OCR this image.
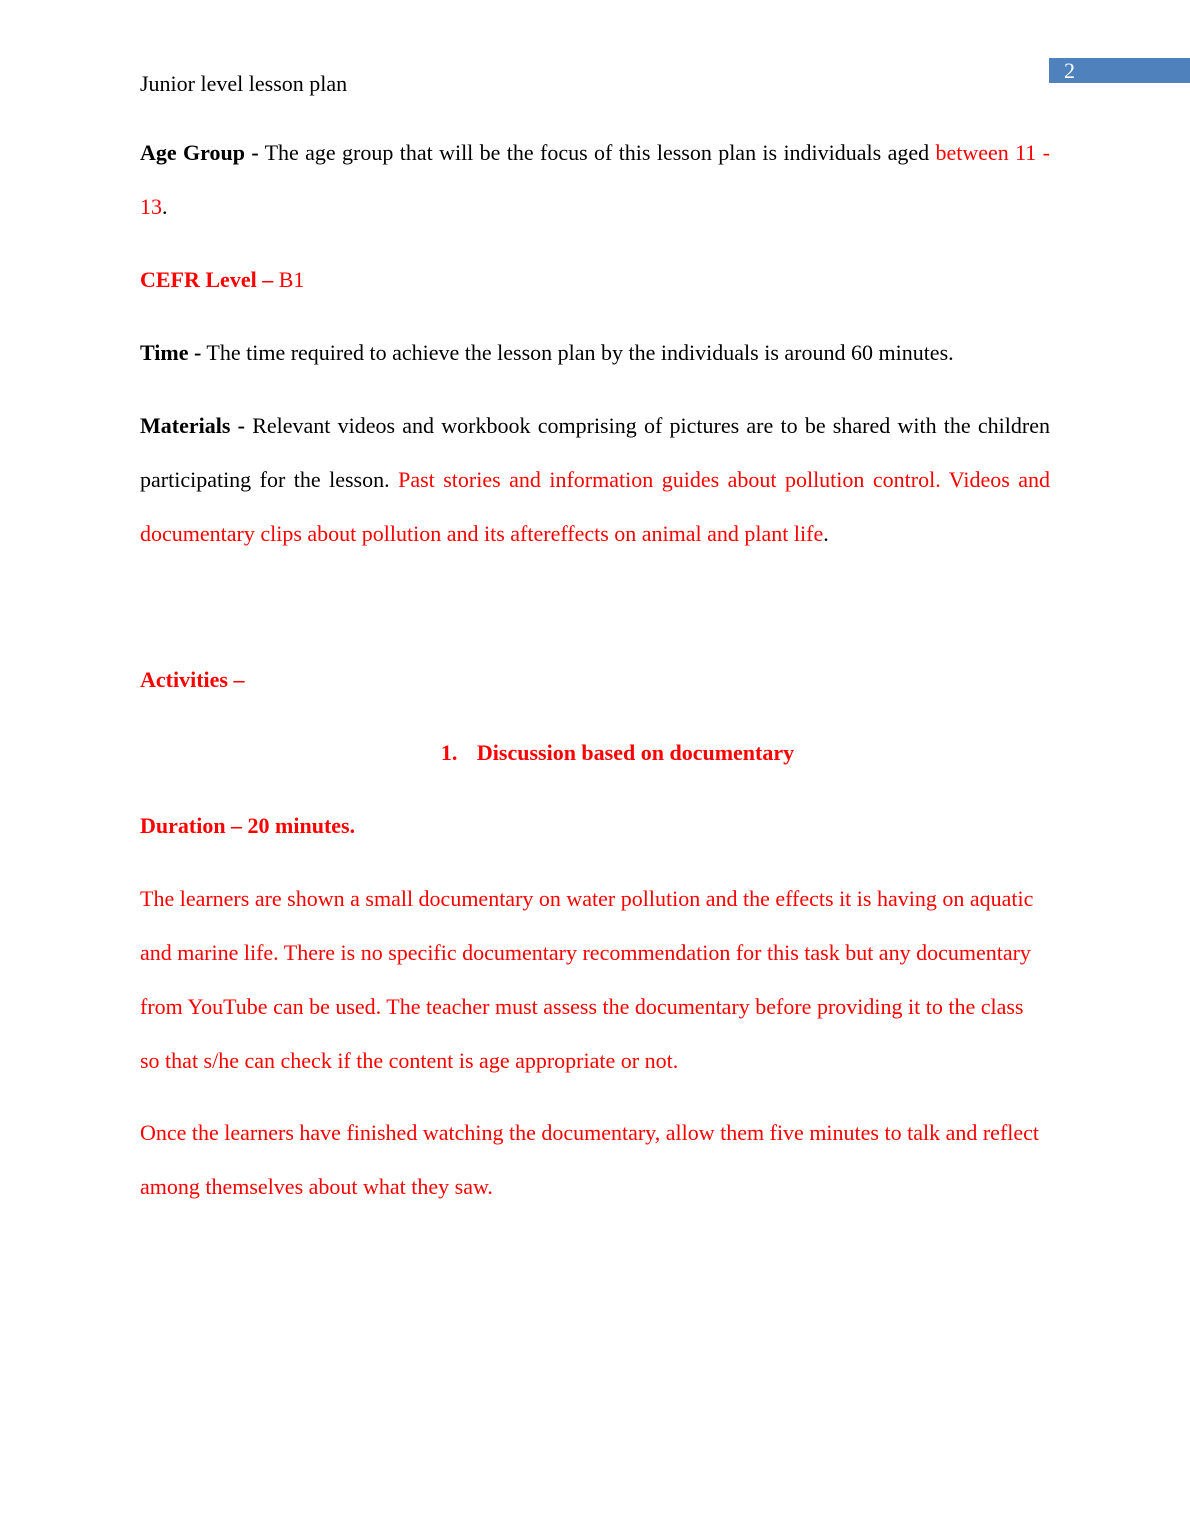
2
Junior level lesson plan

Age Group - The age group that will be the focus of this lesson plan is individuals aged between 11 - 13.

CEFR Level – B1

Time - The time required to achieve the lesson plan by the individuals is around 60 minutes.

Materials - Relevant videos and workbook comprising of pictures are to be shared with the children participating for the lesson. Past stories and information guides about pollution control. Videos and documentary clips about pollution and its aftereffects on animal and plant life.

Activities –

1. Discussion based on documentary

Duration – 20 minutes.

The learners are shown a small documentary on water pollution and the effects it is having on aquatic and marine life. There is no specific documentary recommendation for this task but any documentary from YouTube can be used. The teacher must assess the documentary before providing it to the class so that s/he can check if the content is age appropriate or not.

Once the learners have finished watching the documentary, allow them five minutes to talk and reflect among themselves about what they saw.
